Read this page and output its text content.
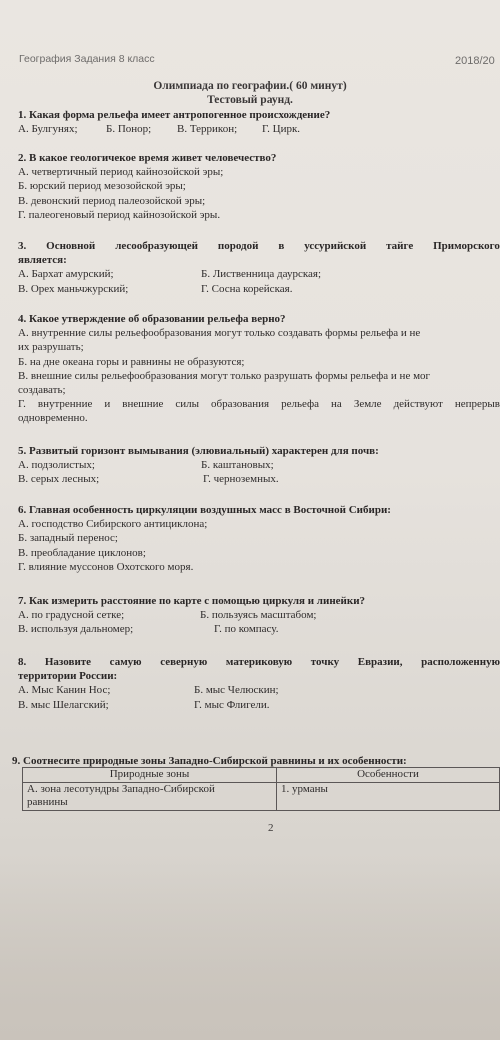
География Задания 8 класс	2018/20
Олимпиада по географии.( 60 минут)
Тестовый раунд.
1. Какая форма рельефа имеет антропогенное происхождение?
А. Булгунях;	Б. Понор; В. Террикон; Г. Цирк.
2. В какое геологичекое время живет человечество?
А. четвертичный период кайнозойской эры;
Б. юрский период мезозойской эры;
В. девонский период палеозойской эры;
Г. палеогеновый период кайнозойской эры.
3. Основной лесообразующей породой в уссурийской тайге Приморского
является:
А. Бархат амурский;	Б. Лиственница даурская;
В. Орех маньчжурский;	Г. Сосна корейская.
4. Какое утверждение об образовании рельефа верно?
А. внутренние силы рельефообразования могут только создавать формы рельефа и не
их разрушать;
Б. на дне океана горы и равнины не образуются;
В. внешние силы рельефообразования могут только разрушать формы рельефа и не мог
создавать;
Г. внутренние и внешние силы образования рельефа на Земле действуют непрерыв
одновременно.
5. Развитый горизонт вымывания (элювиальный) характерен для почв:
А. подзолистых;	Б. каштановых;
В. серых лесных;	Г. черноземных.
6. Главная особенность циркуляции воздушных масс в Восточной Сибири:
А. господство Сибирского антициклона;
Б. западный перенос;
В. преобладание циклонов;
Г. влияние муссонов Охотского моря.
7. Как измерить расстояние по карте с помощью циркуля и линейки?
А. по градусной сетке;	Б. пользуясь масштабом;
В. используя дальномер;	Г. по компасу.
8. Назовите самую северную материковую точку Евразии, расположенную
территории России:
А. Мыс Канин Нос;	Б. мыс Челюскин;
В. мыс Шелагский;	Г. мыс Флигели.
9. Соотнесите природные зоны Западно-Сибирской равнины и их особенности:
Природные зоны	Особенности

А. зона лесотундры Западно-Сибирской
равнины	1. урманы
2
